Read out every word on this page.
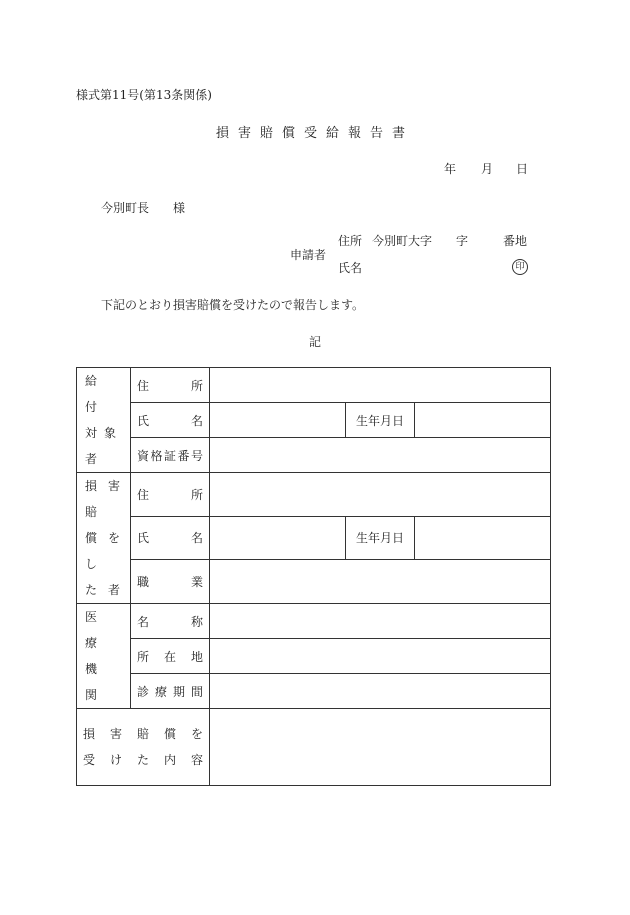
様式第11号(第13条関係)
損害賠償受給報告書
年 月 日
今別町長 様
申請者
住所 今別町大字 字	番地
氏名	印
下記のとおり損害賠償を受けたので報告します。
記
給 付
対象者	住所			

	氏名		生年月日	

	資格証番号			

損害賠
償をし
た 者	住所			

	氏名		生年月日	

	職業			

医 療
機 関	名称			

	所在地			

	診療期間			

損害賠償を
受けた内容				
